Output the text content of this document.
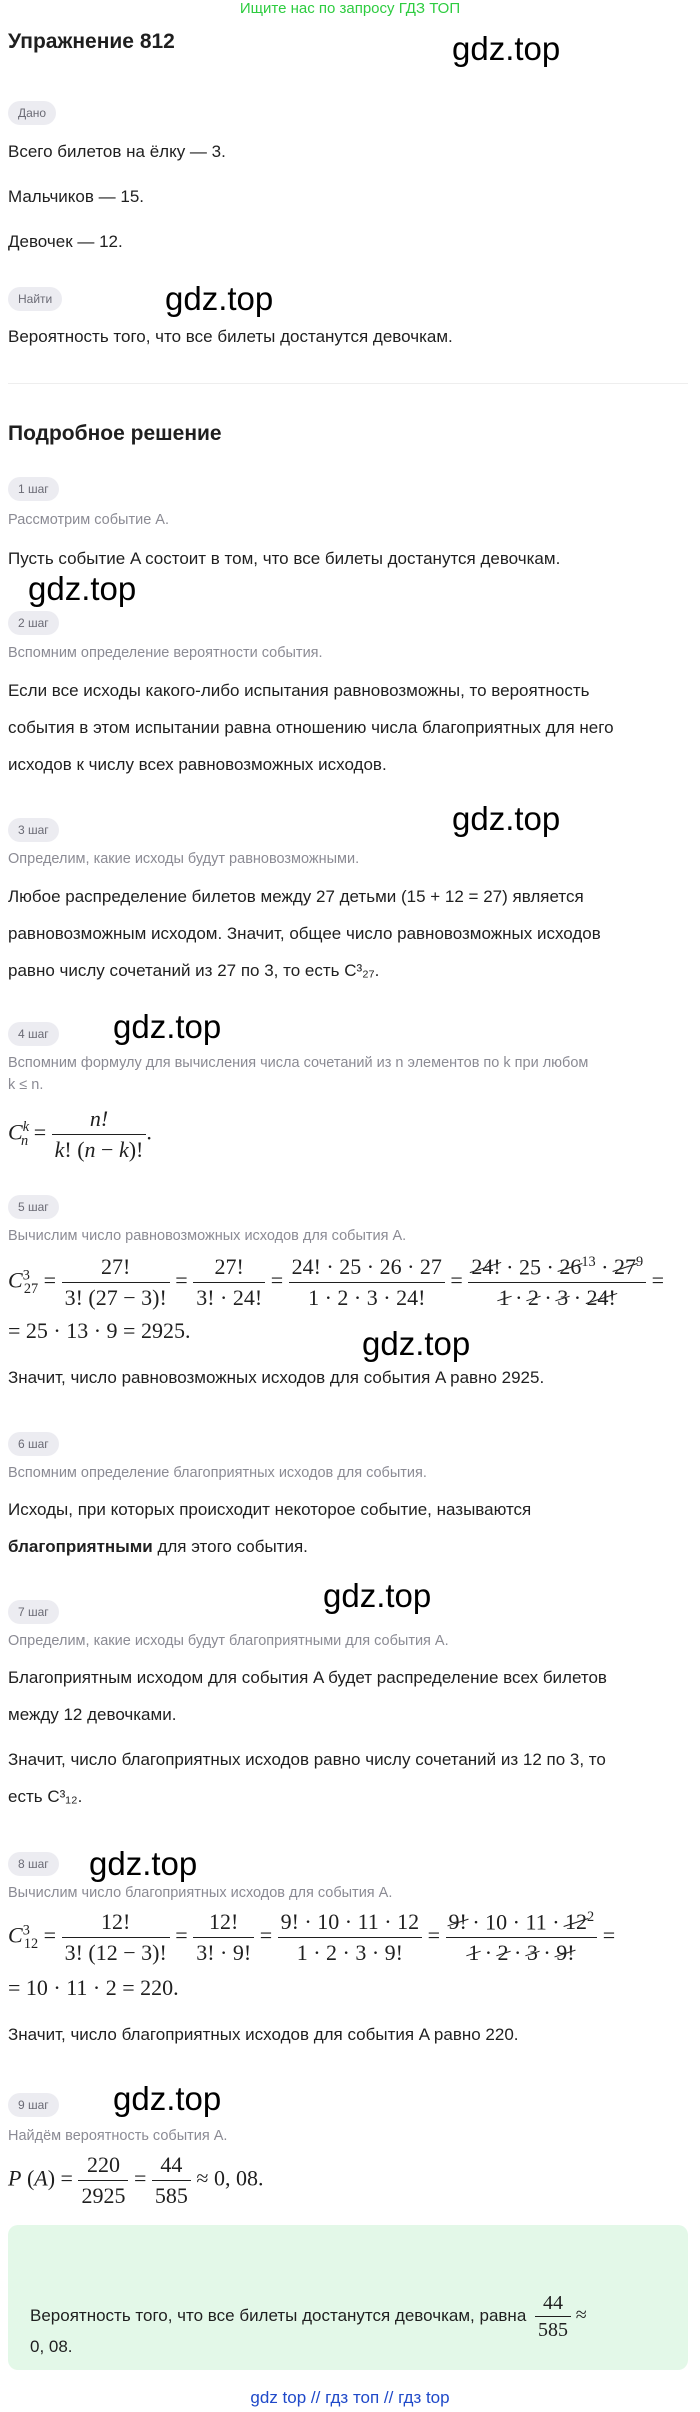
Ищите нас по запросу ГДЗ ТОП
Упражнение 812	gdz.top
gdz.top
gdz.top
gdz.top
gdz.top
gdz.top
gdz.top
gdz.top
gdz.top
Дано
Всего билетов на ёлку — 3.
Мальчиков — 15.
Девочек — 12.
Найти
Вероятность того, что все билеты достанутся девочкам.
Подробное решение
1 шаг
Рассмотрим событие A.
Пусть событие A состоит в том, что все билеты достанутся девочкам.
2 шаг
Вспомним определение вероятности события.
Если все исходы какого-либо испытания равновозможны, то вероятность
события в этом испытании равна отношению числа благоприятных для него
исходов к числу всех равновозможных исходов.
3 шаг
Определим, какие исходы будут равновозможными.
Любое распределение билетов между 27 детьми (15 + 12 = 27) является
равновозможным исходом. Значит, общее число равновозможных исходов
равно числу сочетаний из 27 по 3, то есть C³₂₇.
4 шаг
Вспомним формулу для вычисления числа сочетаний из n элементов по k при любом
k ≤ n.
$C^k_n = \frac{n!}{k! (n - k)!}$ .
5 шаг
Вычислим число равновозможных исходов для события A.
$C^3_{27} = \frac{27!}{3! (27 - 3)!} = \frac{27!}{3! \cdot 24!} = \frac{24! \cdot 25 \cdot 26 \cdot 27}{1 \cdot 2 \cdot 3 \cdot 24!} = \frac{24! \cdot 25 \cdot 26^{13} \cdot 27^9}{1 \cdot 2 \cdot 3 \cdot 24!}$ =
= 25 · 13 · 9 = 2925.
Значит, число равновозможных исходов для события A равно 2925.
6 шаг
Вспомним определение благоприятных исходов для события.
Исходы, при которых происходит некоторое событие, называются
благоприятными для этого события.
7 шаг
Определим, какие исходы будут благоприятными для события A.
Благоприятным исходом для события A будет распределение всех билетов
между 12 девочками.
Значит, число благоприятных исходов равно числу сочетаний из 12 по 3, то
есть C³₁₂.
8 шаг
Вычислим число благоприятных исходов для события A.
$C^3_{12} = \frac{12!}{3! (12 - 3)!} = \frac{12!}{3! \cdot 9!} = \frac{9! \cdot 10 \cdot 11 \cdot 12}{1 \cdot 2 \cdot 3 \cdot 9!} = \frac{9! \cdot 10 \cdot 11 \cdot 12^2}{1 \cdot 2 \cdot 3 \cdot 9!}$ =
= 10 · 11 · 2 = 220.
Значит, число благоприятных исходов для события A равно 220.
9 шаг
Найдём вероятность события A.
P $(A) = \frac{220}{2925} = \frac{44}{585} \approx 0$, 08.
Вероятность того, что все билеты достанутся девочкам, равна $\frac{44}{585}$ ≈
0, 08.
gdz top // гдз топ // гдз top
